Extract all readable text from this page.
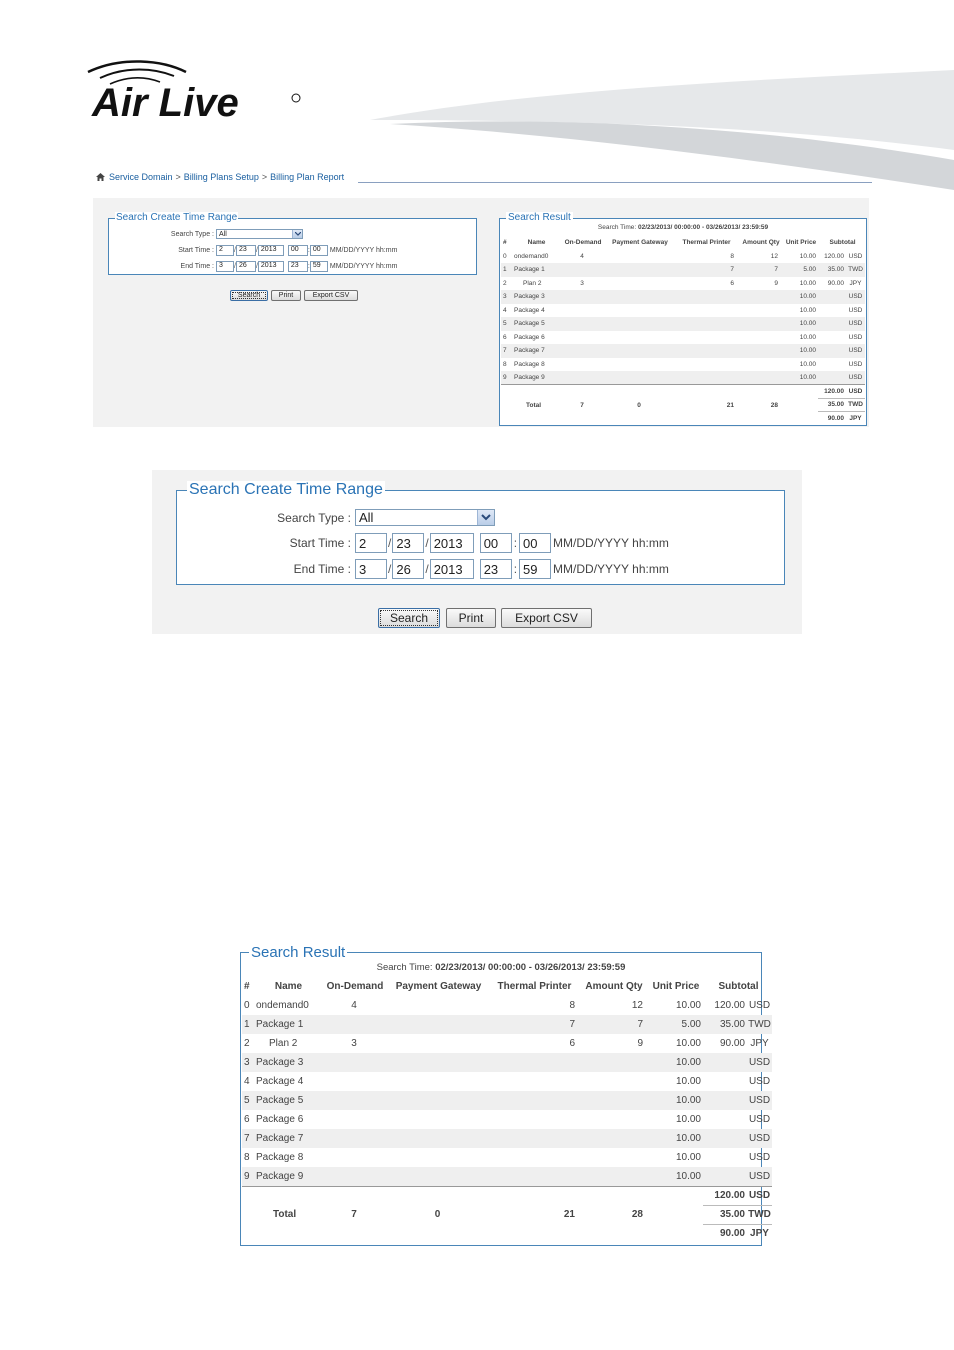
Air Live
Service Domain > Billing Plans Setup > Billing Plan Report
Search Create Time Range
Search Type : All
Start Time : 2	23	2013	00	00	MM/DD/YYYY hh:mm
End Time : 3	26	2013	23	59	MM/DD/YYYY hh:mm
Search	Print	Export CSV
Search Result
Search Time: 02/23/2013/ 00:00:00 - 03/26/2013/ 23:59:59
#	Name	On-Demand	Payment Gateway	Thermal Printer	Amount Qty	Unit Price	Subtotal	
0	ondemand0	4		8	12	10.00	120.00	USD
1	Package 1			7	7	5.00	35.00	TWD
2	Plan 2	3		6	9	10.00	90.00	JPY
3	Package 3					10.00		USD
4	Package 4					10.00		USD
5	Package 5					10.00		USD
6	Package 6					10.00		USD
7	Package 7					10.00		USD
8	Package 8					10.00		USD
9	Package 9					10.00		USD
	Total	7	0	21	28		120.00	USD
							35.00	TWD
							90.00	JPY
Search Create Time Range
Search Type : All
Start Time : 2	/ 23	/ 2013	00	: 00	MM/DD/YYYY hh:mm
End Time : 3	/ 26	/ 2013	23	: 59	MM/DD/YYYY hh:mm
Search	Print	Export CSV
Search Result
Search Time: 02/23/2013/ 00:00:00 - 03/26/2013/ 23:59:59
#	Name	On-Demand	Payment Gateway	Thermal Printer	Amount Qty	Unit Price	Subtotal	
0	ondemand0	4		8	12	10.00	120.00	USD
1	Package 1			7	7	5.00	35.00	TWD
2	Plan 2	3		6	9	10.00	90.00	JPY
3	Package 3					10.00		USD
4	Package 4					10.00		USD
5	Package 5					10.00		USD
6	Package 6					10.00		USD
7	Package 7					10.00		USD
8	Package 8					10.00		USD
9	Package 9					10.00		USD
	Total	7	0	21	28		120.00	USD
							35.00	TWD
							90.00	JPY
